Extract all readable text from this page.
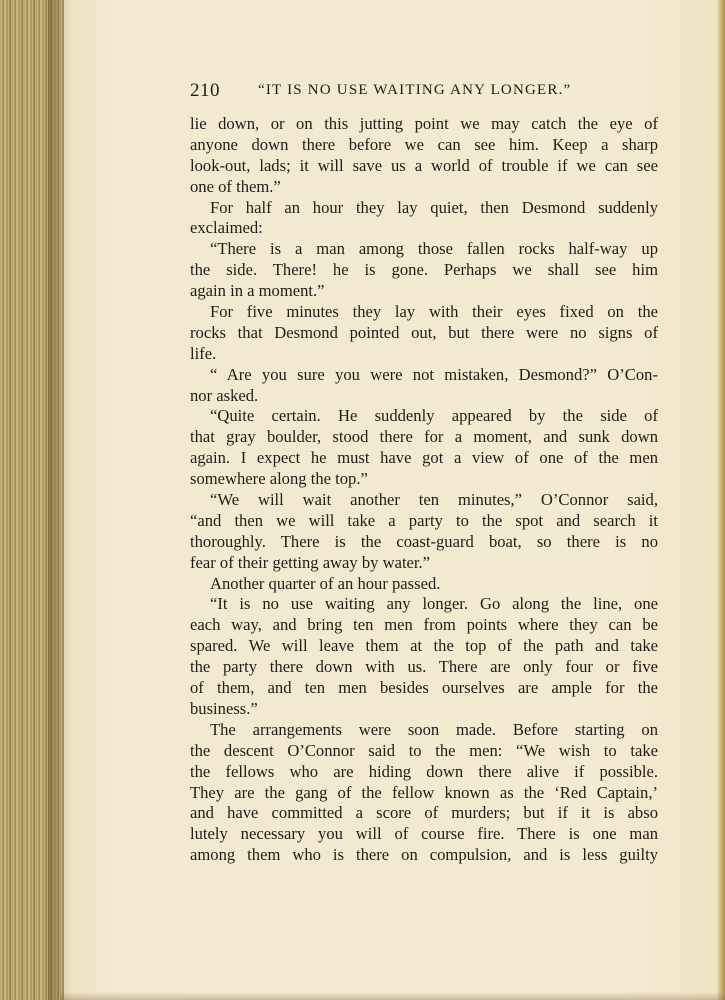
210	“IT IS NO USE WAITING ANY LONGER.”
lie down, or on this jutting point we may catch the eye of
anyone down there before we can see him. Keep a sharp
look-out, lads; it will save us a world of trouble if we can see
one of them.”
For half an hour they lay quiet, then Desmond suddenly
exclaimed:
“There is a man among those fallen rocks half-way up
the side. There! he is gone. Perhaps we shall see him
again in a moment.”
For five minutes they lay with their eyes fixed on the
rocks that Desmond pointed out, but there were no signs of
life.
“ Are you sure you were not mistaken, Desmond?” O’Con-
nor asked.
“Quite certain. He suddenly appeared by the side of
that gray boulder, stood there for a moment, and sunk down
again. I expect he must have got a view of one of the men
somewhere along the top.”
“We will wait another ten minutes,” O’Connor said,
“and then we will take a party to the spot and search it
thoroughly. There is the coast-guard boat, so there is no
fear of their getting away by water.”
Another quarter of an hour passed.
“It is no use waiting any longer. Go along the line, one
each way, and bring ten men from points where they can be
spared. We will leave them at the top of the path and take
the party there down with us. There are only four or five
of them, and ten men besides ourselves are ample for the
business.”
The arrangements were soon made. Before starting on
the descent O’Connor said to the men: “We wish to take
the fellows who are hiding down there alive if possible.
They are the gang of the fellow known as the ‘Red Captain,’
and have committed a score of murders; but if it is abso
lutely necessary you will of course fire. There is one man
among them who is there on compulsion, and is less guilty
